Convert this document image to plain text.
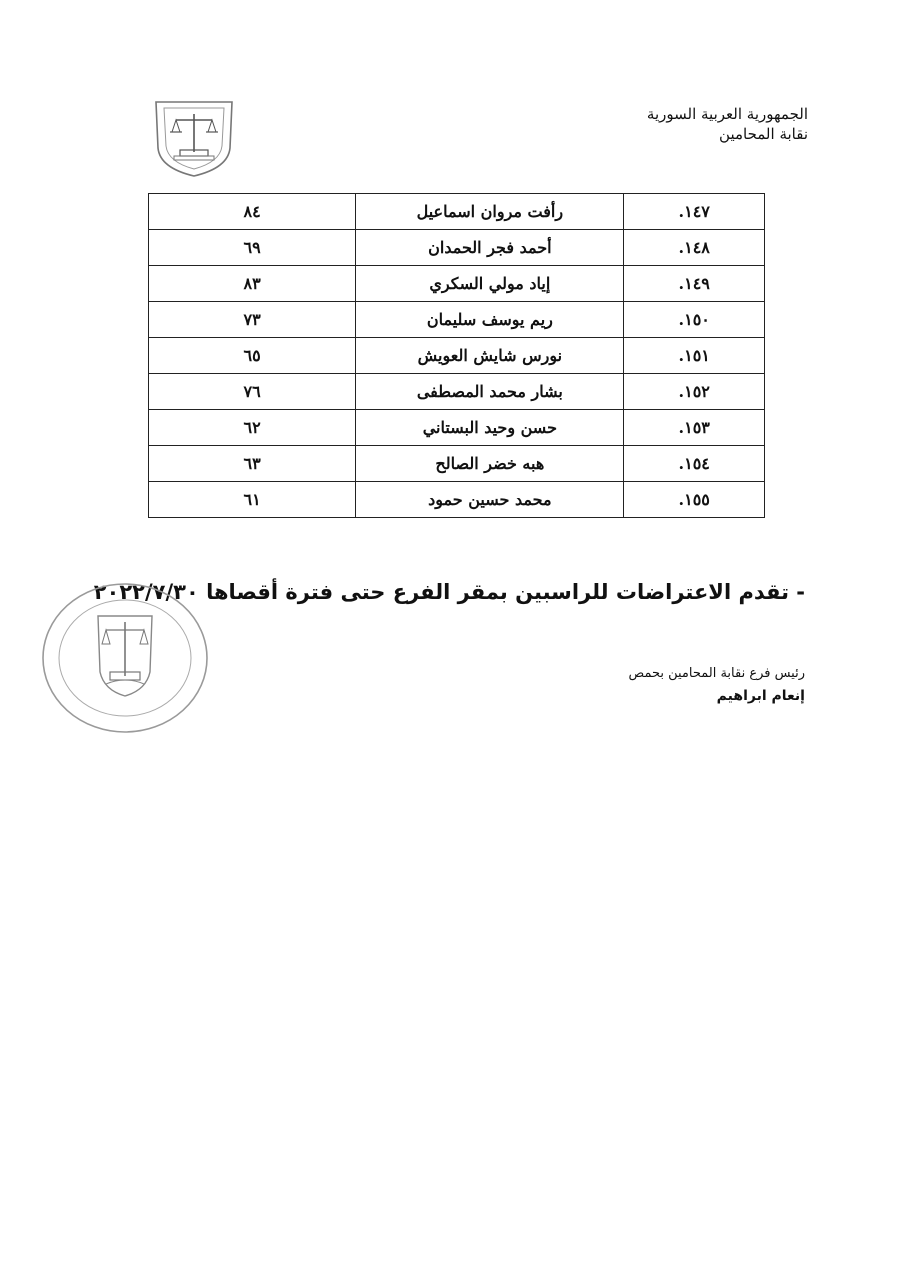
الجمهورية العربية السورية
نقابة المحامين
١٤٧.	رأفت مروان اسماعيل	٨٤
١٤٨.	أحمد فجر الحمدان	٦٩
١٤٩.	إياد مولي السكري	٨٣
١٥٠.	ريم يوسف سليمان	٧٣
١٥١.	نورس شايش العويش	٦٥
١٥٢.	بشار محمد المصطفى	٧٦
١٥٣.	حسن وحيد البستاني	٦٢
١٥٤.	هبه خضر الصالح	٦٣
١٥٥.	محمد حسين حمود	٦١
- تقدم الاعتراضات للراسبين بمقر الفرع حتى فترة أقصاها ٢٠٢٢/٧/٣٠
رئيس فرع نقابة المحامين بحمص
إنعام ابراهيم
